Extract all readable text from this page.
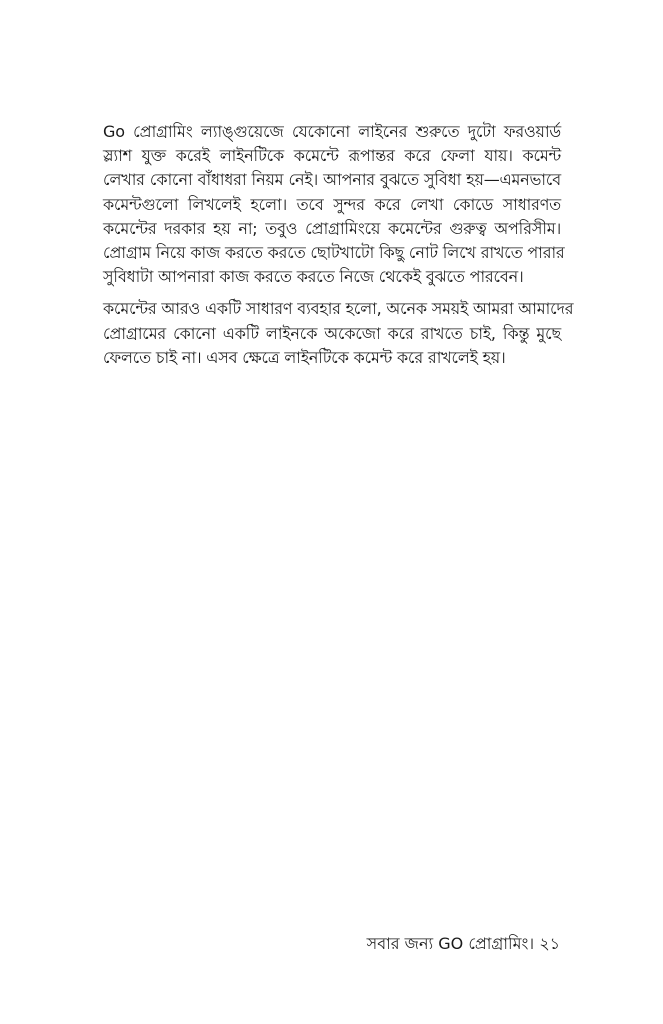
Go প্রোগ্রামিং ল্যাঙ্গুয়েজে যেকোনো লাইনের শুরুতে দুটো ফরওয়ার্ড
স্ল্যাশ যুক্ত করেই লাইনটিকে কমেন্টে রূপান্তর করে ফেলা যায়। কমেন্ট
লেখার কোনো বাঁধাধরা নিয়ম নেই। আপনার বুঝতে সুবিধা হয়—এমনভাবে
কমেন্টগুলো লিখলেই হলো। তবে সুন্দর করে লেখা কোডে সাধারণত
কমেন্টের দরকার হয় না; তবুও প্রোগ্রামিংয়ে কমেন্টের গুরুত্ব অপরিসীম।
প্রোগ্রাম নিয়ে কাজ করতে করতে ছোটখাটো কিছু নোট লিখে রাখতে পারার
সুবিধাটা আপনারা কাজ করতে করতে নিজে থেকেই বুঝতে পারবেন।
কমেন্টের আরও একটি সাধারণ ব্যবহার হলো, অনেক সময়ই আমরা আমাদের
প্রোগ্রামের কোনো একটি লাইনকে অকেজো করে রাখতে চাই, কিন্তু মুছে
ফেলতে চাই না। এসব ক্ষেত্রে লাইনটিকে কমেন্ট করে রাখলেই হয়।
সবার জন্য GO প্রোগ্রামিং। ২১
